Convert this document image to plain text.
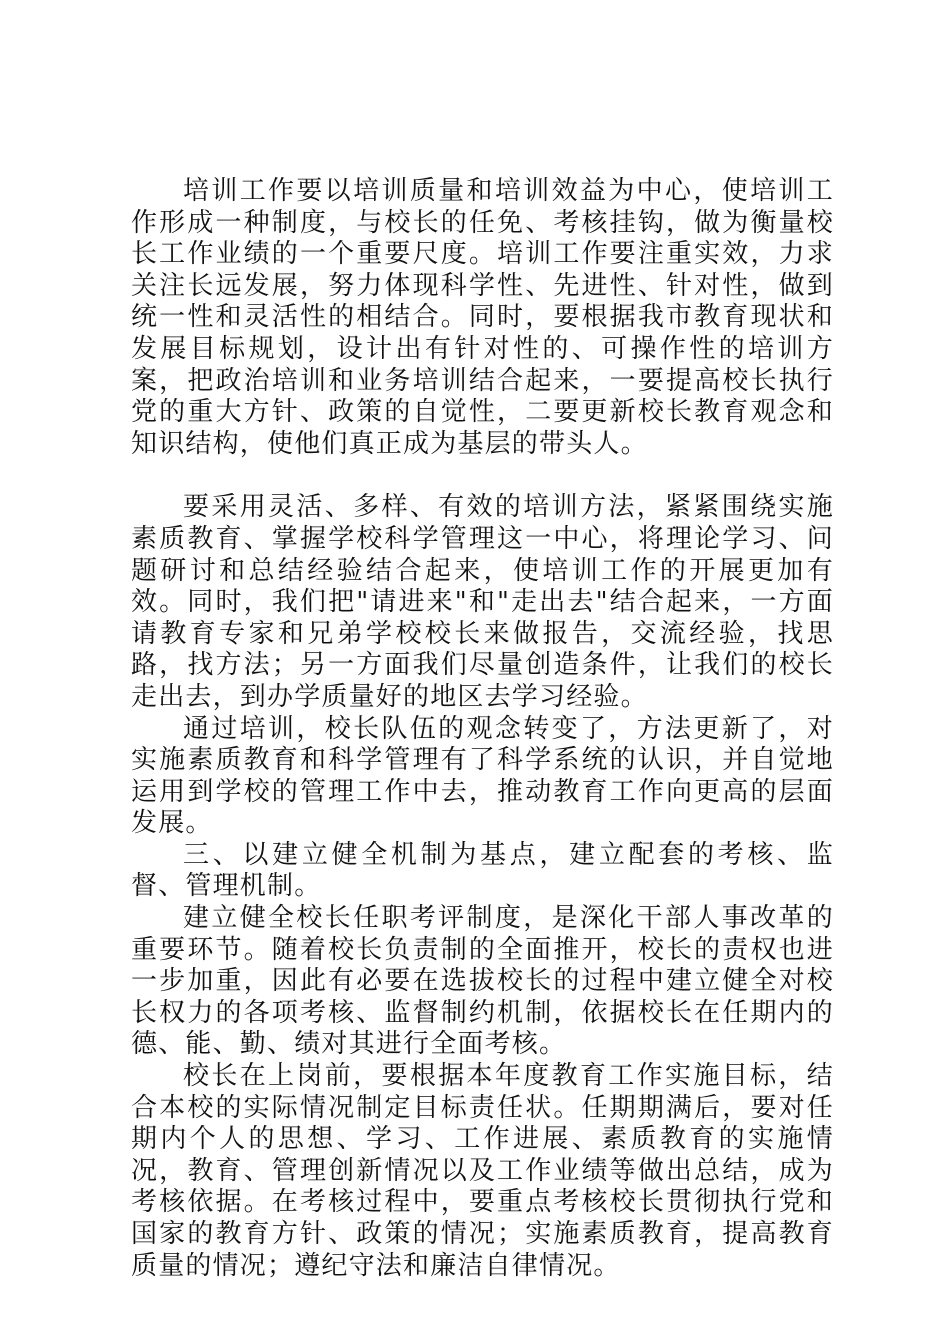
培训工作要以培训质量和培训效益为中心，使培训工作形成一种制度，与校长的任免、考核挂钩，做为衡量校长工作业绩的一个重要尺度。培训工作要注重实效，力求关注长远发展，努力体现科学性、先进性、针对性，做到统一性和灵活性的相结合。同时，要根据我市教育现状和发展目标规划，设计出有针对性的、可操作性的培训方案，把政治培训和业务培训结合起来，一要提高校长执行党的重大方针、政策的自觉性，二要更新校长教育观念和知识结构，使他们真正成为基层的带头人。

要采用灵活、多样、有效的培训方法，紧紧围绕实施素质教育、掌握学校科学管理这一中心，将理论学习、问题研讨和总结经验结合起来，使培训工作的开展更加有效。同时，我们把"请进来"和"走出去"结合起来，一方面请教育专家和兄弟学校校长来做报告，交流经验，找思路，找方法；另一方面我们尽量创造条件，让我们的校长走出去，到办学质量好的地区去学习经验。

通过培训，校长队伍的观念转变了，方法更新了，对实施素质教育和科学管理有了科学系统的认识，并自觉地运用到学校的管理工作中去，推动教育工作向更高的层面发展。

三、以建立健全机制为基点，建立配套的考核、监督、管理机制。

建立健全校长任职考评制度，是深化干部人事改革的重要环节。随着校长负责制的全面推开，校长的责权也进一步加重，因此有必要在选拔校长的过程中建立健全对校长权力的各项考核、监督制约机制，依据校长在任期内的德、能、勤、绩对其进行全面考核。

校长在上岗前，要根据本年度教育工作实施目标，结合本校的实际情况制定目标责任状。任期期满后，要对任期内个人的思想、学习、工作进展、素质教育的实施情况，教育、管理创新情况以及工作业绩等做出总结，成为考核依据。在考核过程中，要重点考核校长贯彻执行党和国家的教育方针、政策的情况；实施素质教育，提高教育质量的情况；遵纪守法和廉洁自律情况。
